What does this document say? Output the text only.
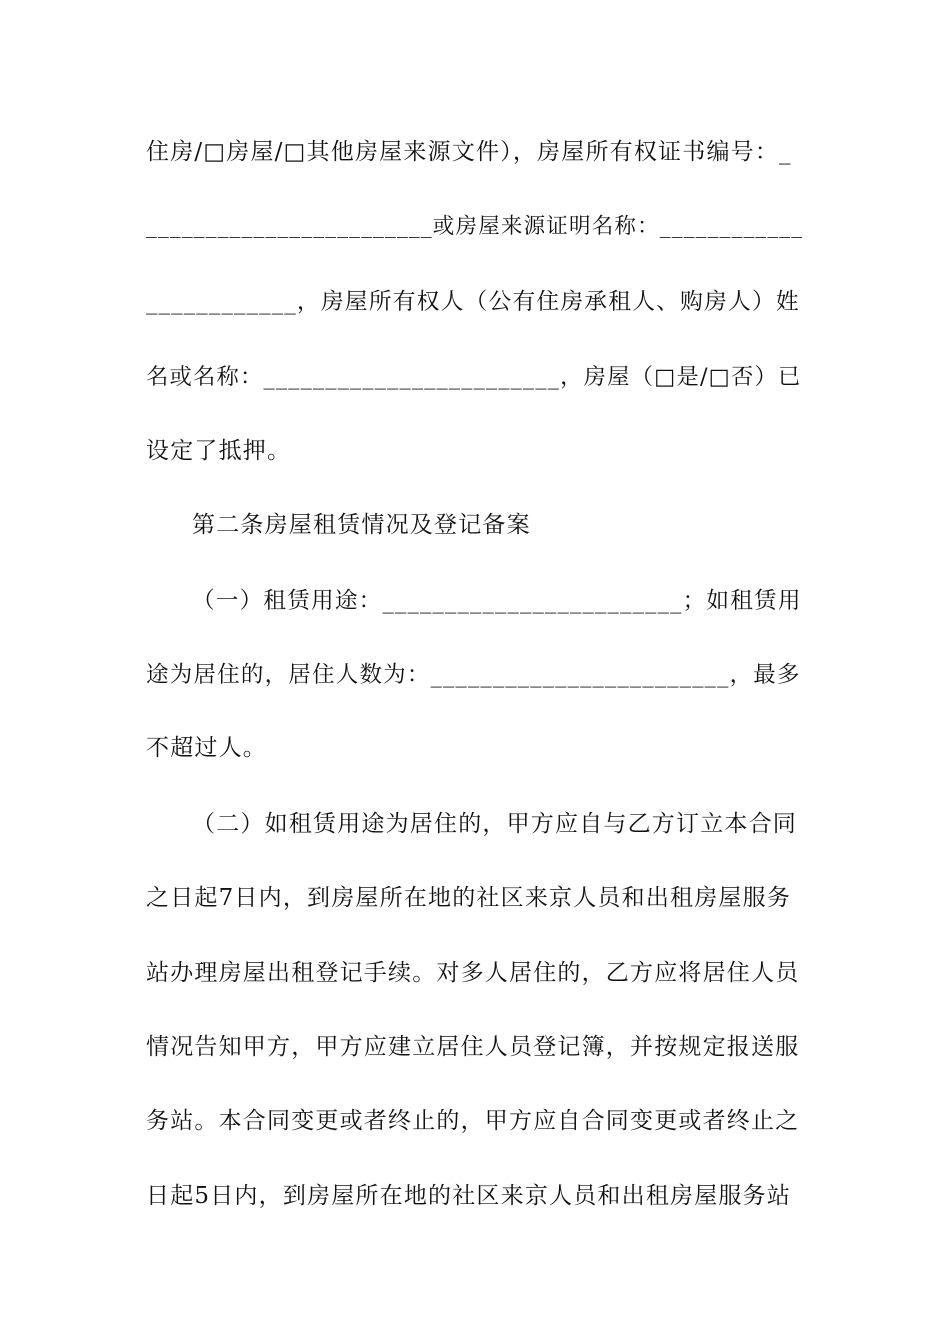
住房/□房屋/□其他房屋来源文件），房屋所有权证书编号：_
________________________或房屋来源证明名称：____________
____________，房屋所有权人（公有住房承租人、购房人）姓
名或名称：________________________，房屋（□是/□否）已
设定了抵押。
第二条房屋租赁情况及登记备案
（一）租赁用途：________________________；如租赁用
途为居住的，居住人数为：________________________，最多
不超过人。
（二）如租赁用途为居住的，甲方应自与乙方订立本合同
之日起7日内，到房屋所在地的社区来京人员和出租房屋服务
站办理房屋出租登记手续。对多人居住的，乙方应将居住人员
情况告知甲方，甲方应建立居住人员登记簿，并按规定报送服
务站。本合同变更或者终止的，甲方应自合同变更或者终止之
日起5日内，到房屋所在地的社区来京人员和出租房屋服务站
